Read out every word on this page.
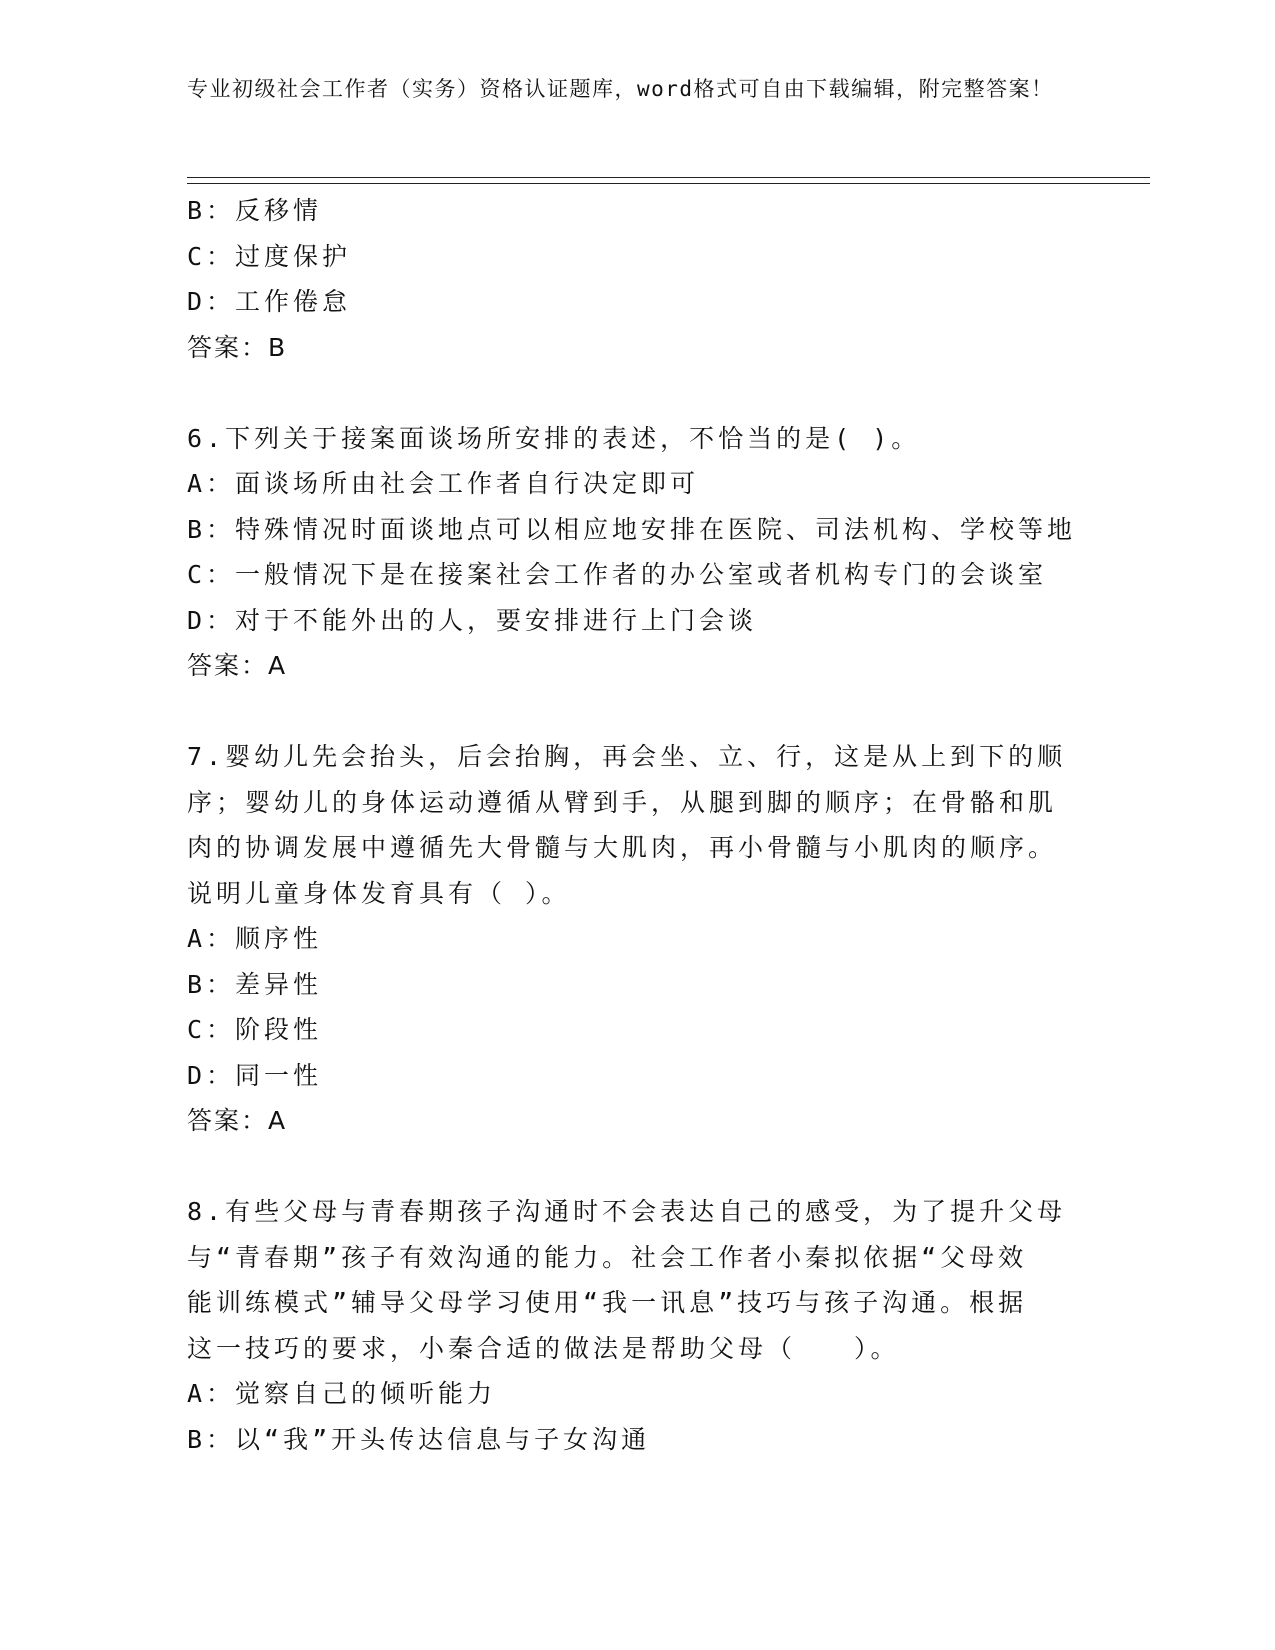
专业初级社会工作者（实务）资格认证题库，word格式可自由下载编辑，附完整答案！
B：反移情
C：过度保护
D：工作倦怠
答案：B
6.下列关于接案面谈场所安排的表述，不恰当的是( )。
A：面谈场所由社会工作者自行决定即可
B：特殊情况时面谈地点可以相应地安排在医院、司法机构、学校等地
C：一般情况下是在接案社会工作者的办公室或者机构专门的会谈室
D：对于不能外出的人，要安排进行上门会谈
答案：A
7.婴幼儿先会抬头，后会抬胸，再会坐、立、行，这是从上到下的顺
序；婴幼儿的身体运动遵循从臂到手，从腿到脚的顺序；在骨骼和肌
肉的协调发展中遵循先大骨髓与大肌肉，再小骨髓与小肌肉的顺序。
说明儿童身体发育具有（ ）。
A：顺序性
B：差异性
C：阶段性
D：同一性
答案：A
8.有些父母与青春期孩子沟通时不会表达自己的感受，为了提升父母
与“青春期”孩子有效沟通的能力。社会工作者小秦拟依据“父母效
能训练模式”辅导父母学习使用“我一讯息”技巧与孩子沟通。根据
这一技巧的要求，小秦合适的做法是帮助父母（　　）。
A：觉察自己的倾听能力
B：以“我”开头传达信息与子女沟通
